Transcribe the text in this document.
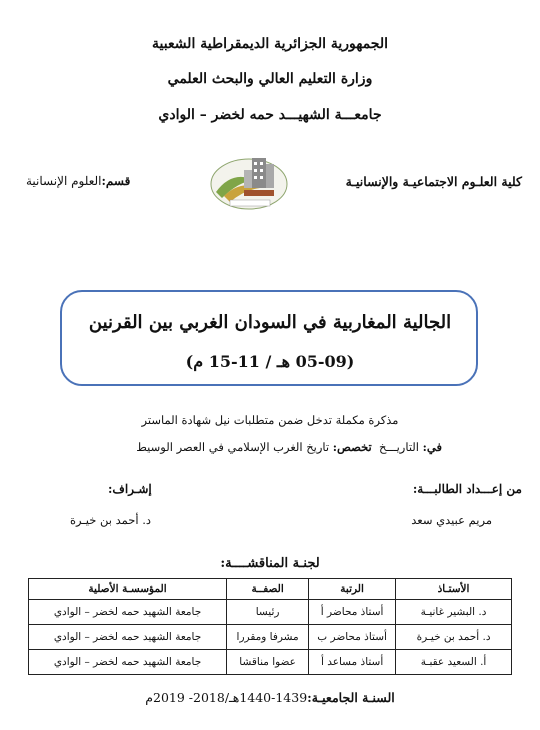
الجمهورية الجزائرية الديمقراطية الشعبية
وزارة التعليم العالي والبحث العلمي
جامعـــة الشهيـــد حمه لخضر – الوادي
كلية العلـوم الاجتماعيـة والإنسانيـة
قسم:العلوم الإنسانية
الجالية المغاربية في السودان الغربي بين القرنين
(05-09 هـ / 11-15 م)
مذكرة مكملة تدخل ضمن متطلبات نيل شهادة الماستر
في: التاريـــخ  تخصص: تاريخ الغرب الإسلامي في العصر الوسيط
من إعـــداد الطالبـــة:
مريم عبيدي سعد
إشـراف:
د. أحمد بن خيـرة
لجنـة المناقشــــة:
الأستـاذ	الرتبة	الصفــة	المؤسسـة الأصلية
د. البشير غانيـة	أستاذ محاضر أ	رئيسا	جامعة الشهيد حمه لخضر – الوادي
د. أحمد بن خيـرة	أستاذ محاضر ب	مشرفا ومقررا	جامعة الشهيد حمه لخضر – الوادي
أ. السعيد عقبـة	أستاذ مساعد أ	عضوا مناقشا	جامعة الشهيد حمه لخضر – الوادي
السنـة الجامعيـة:1439-1440هـ/2018- 2019م
